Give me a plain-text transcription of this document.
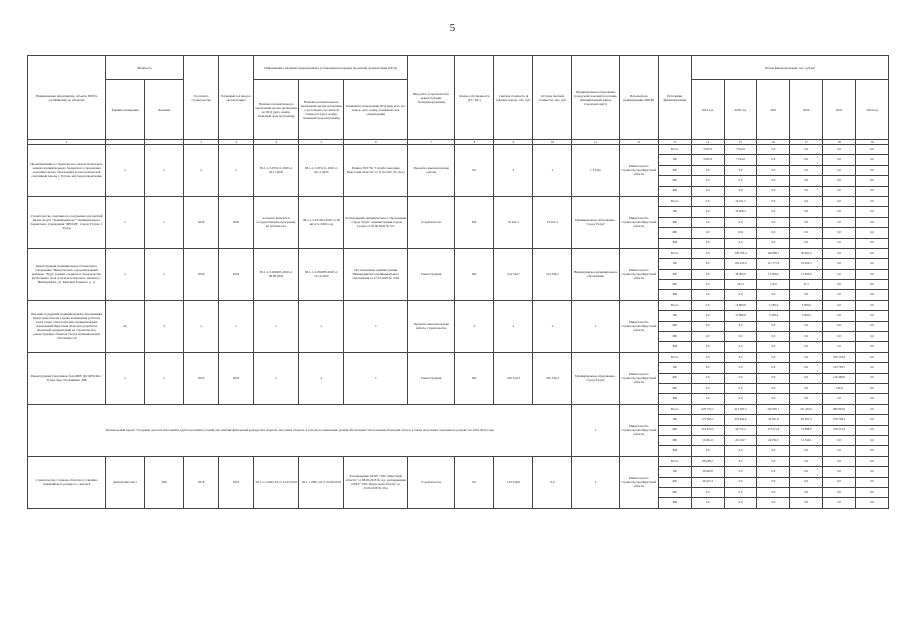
5
Наименование мероприятия, объекта, ПИР и расшифровка по объектам	Мощность		Год начала строительства	Плановый год ввода в эксплуатацию	Информация о наличии утвержденной в установленном порядке проектной документации (ПСД)			Вид работ (строительство, реконструкция, техперевооружение)	Форма собственности (ГС, МС)	Сметная стоимость (в текущих ценах), тыс. руб.	Остаток сметной стоимости, тыс. руб.	Муниципальное образование (городской/сельский поселение, муниципальный район, городской округ)	Исполнитель (наименование ИОГВ)	Источники финансирования	Объем финансирования, тыс. рублей					
	Единица измерения	Значение			Наличие положительного заключения органа экспертизы на ПСД (дата, номер, плановый срок получения)	Наличие положительного заключения органа экспертизы о достоверности сметной стоимости (дата, номер, плановый срок получения)	Реквизиты утверждения ПСД (вид акта, его номер, дата, номер, плановый срок утверждения)								2019 год	2020 год	2021	2022	2023	2024 год
1			2	3	4	5	6	7	8	9	10	11	12	13	14	15	16	17	18	19
Проектирование и строительство легкоатлетического манежа муниципального бюджетного учреждения дополнительного образования детско-юношеской спортивной школы г. Тулуна, вид берегоукрепление	х	х	х	х	38-1-1-3-055211-2020 от 02.11.2020	38-1-1-3-055211-2020 от 02.11.2020	Приказ ГКУ На "Служба заказчика Иркутской области" от 11.02.2021 № 19-од	Проектно-изыскательские работы	ОС	х	х	г. Тулун	Министерство строительства Иркутской области	Всего	3 607,0	7 814,0	0,0	0,0	0,0	0,0
														ОБ	3 607,0	7 814,0	0,0	0,0	0,0	0,0
														ФБ	0,0	0,0	0,0	0,0	0,0	0,0
														МБ	0,0	0,0	0,0	0,0	0,0	0,0
														ВИ	0,0	0,0	0,0	0,0	0,0	0,0
Строительство спортивного сооружения для занятий видом спорта "Хоккейный корт" муниципального бюджетного учреждения "ДЮСШ", города Тулуна, г. Тулун	х	х	2020	2020	не вошел включен в государственную программу, не требовалось	38-1-1-2-031504-2020 от 28 августа 2020 года	Распоряжение муниципального образования - "город Тулун" администрации города Тулуна от 02.06.2020 № 372	Строительство	МС	19 911,2	19 911,2	Муниципальное образование - "город Тулун"	Министерство строительства Иркутской области	Всего	0,0	19 911,2	0,0	0,0	0,0	0,0
														ОБ	0,0	19 900,3	0,0	0,0	0,0	0,0
														ФБ	0,0	0,0	0,0	0,0	0,0	0,0
														МБ	0,0	10,9	0,0	0,0	0,0	0,0
														ВИ	0,0	0,0	0,0	0,0	0,0	0,0
Реконструкция муниципального бюджетного учреждения "Физкультурно-оздоровительный комплекс "Труд" (здание стадиона и строительство футбольного поля и легкоатлетического манежа), г. Нижнеудинск, ул. Максима Горького, д. 1)	х	х	2020	2022	38-1-1-3-060605-2020 от 09.09.2020	38-1-1-2-050488-2020 от 12.10.2020	Постановление администрации Нижнеудинского муниципального образования от 27.10.2020 № 1603	Реконструкция	МС	314 344,7	314 344,7	Нижнеудинское муниципальное образование	Министерство строительства Иркутской области	Всего	0,0	149 795,4	126 890,1	36 961,2	0,0	0,0
														ОБ	0,0	102 223,0	111 777,2	33 629,3	0,0	0,0
														ФБ	0,0	38 463,9	15 000,0	15 000,0	0,0	0,0
														МБ	0,0	102,3	112,9	31,7	0,0	0,0
														ВИ	0,0	0,0	0,0	0,0	0,0	0,0
Оказание поддержки муниципальным образованиям Иркутской области в целях возмещения (уплаты) части затрат самостоятельно муниципальных образований Иркутской области в разработке проектной документации на строительство, реконструкцию объектов спорта муниципальной собственности	шт	2	х	х	х	х	х	Проектно-изыскательские работы, строительство	х	х	х	х	Министерство строительства Иркутской области	Всего	0,0	13 860,8	5 238,4	3 000,0	0,0	0,0
														ОБ	0,0	13 860,8	5 238,4	3 000,0	0,0	0,0
														ФБ	0,0	0,0	0,0	0,0	0,0	0,0
														МБ	0,0	0,0	0,0	0,0	0,0	0,0
														ВИ	0,0	0,0	0,0	0,0	0,0	0,0
Реконструкция Спортивная база МБУ ДО ДЮСШ, г. Тулун, мкр. Угольщиков, 42В	х	х	2023	2023	х	х	х	Реконструкция	МС	230 334,3	230 334,3	Муниципальное образование - "город Тулун"	Министерство строительства Иркутской области	Всего	0,0	0,0	0,0	0,0	239 132,6	0,0
														ОБ	0,0	0,0	0,0	0,0	122 783,7	0,0
														ФБ	0,0	0,0	0,0	0,0	116 468,9	0,0
														МБ	0,0	0,0	0,0	0,0	124,6	0,0
														ВИ	0,0	0,0	0,0	0,0	0,0	0,0
Региональный проект "Создание для всех категорий и групп населения условий для занятий физической культурой и спортом, массовым спортом, в том числе повышение уровня обеспеченности населения объектами спорта, а также подготовка спортивного резерва" на 2019-2024 годы												х	Министерство строительства Иркутской области	Всего	625 752,1	413 565,5	245 087,1	211 316,5	806 825,9	0,0
														ОБ	175 825,1	353 644,0	43 501,8	85 281,3	278 728,4	0,0
														ФБ	314 615,2	59 771,2	173 511,4	74 688,8	158 351,3	0,0
														МБ	10 201,6	20 129,7	24 074,5	51 346,1	0,0	0,0
														ВИ	0,0	0,0	0,0	0,0	0,0	0,0
Строительство стадиона областного училища Олимпийского резерва в г. Ангарск	зрительских мест	200	2018	2019	38-1-1-3-0042-18 от 23.05.2018	38-1-1-0081-18 от 22.06.2018	Распоряжение ОГКУ "УКС Иркутской области" от 08.06.2018 № 4-р, распоряжение ОГКУ "УКС Иркутской области" от 25.06.2018 № 59-р	Строительство	ОС	130 239,9	0,0	х	Министерство строительства Иркутской области	Всего	86 038,2	0,0	0,0	0,0	0,0	0,0
														ОБ	36 620,8	0,0	0,0	0,0	0,0	0,0
														ФБ	49 417,4	0,0	0,0	0,0	0,0	0,0
														МБ	0,0	0,0	0,0	0,0	0,0	0,0
														ВИ	0,0	0,0	0,0	0,0	0,0	0,0
